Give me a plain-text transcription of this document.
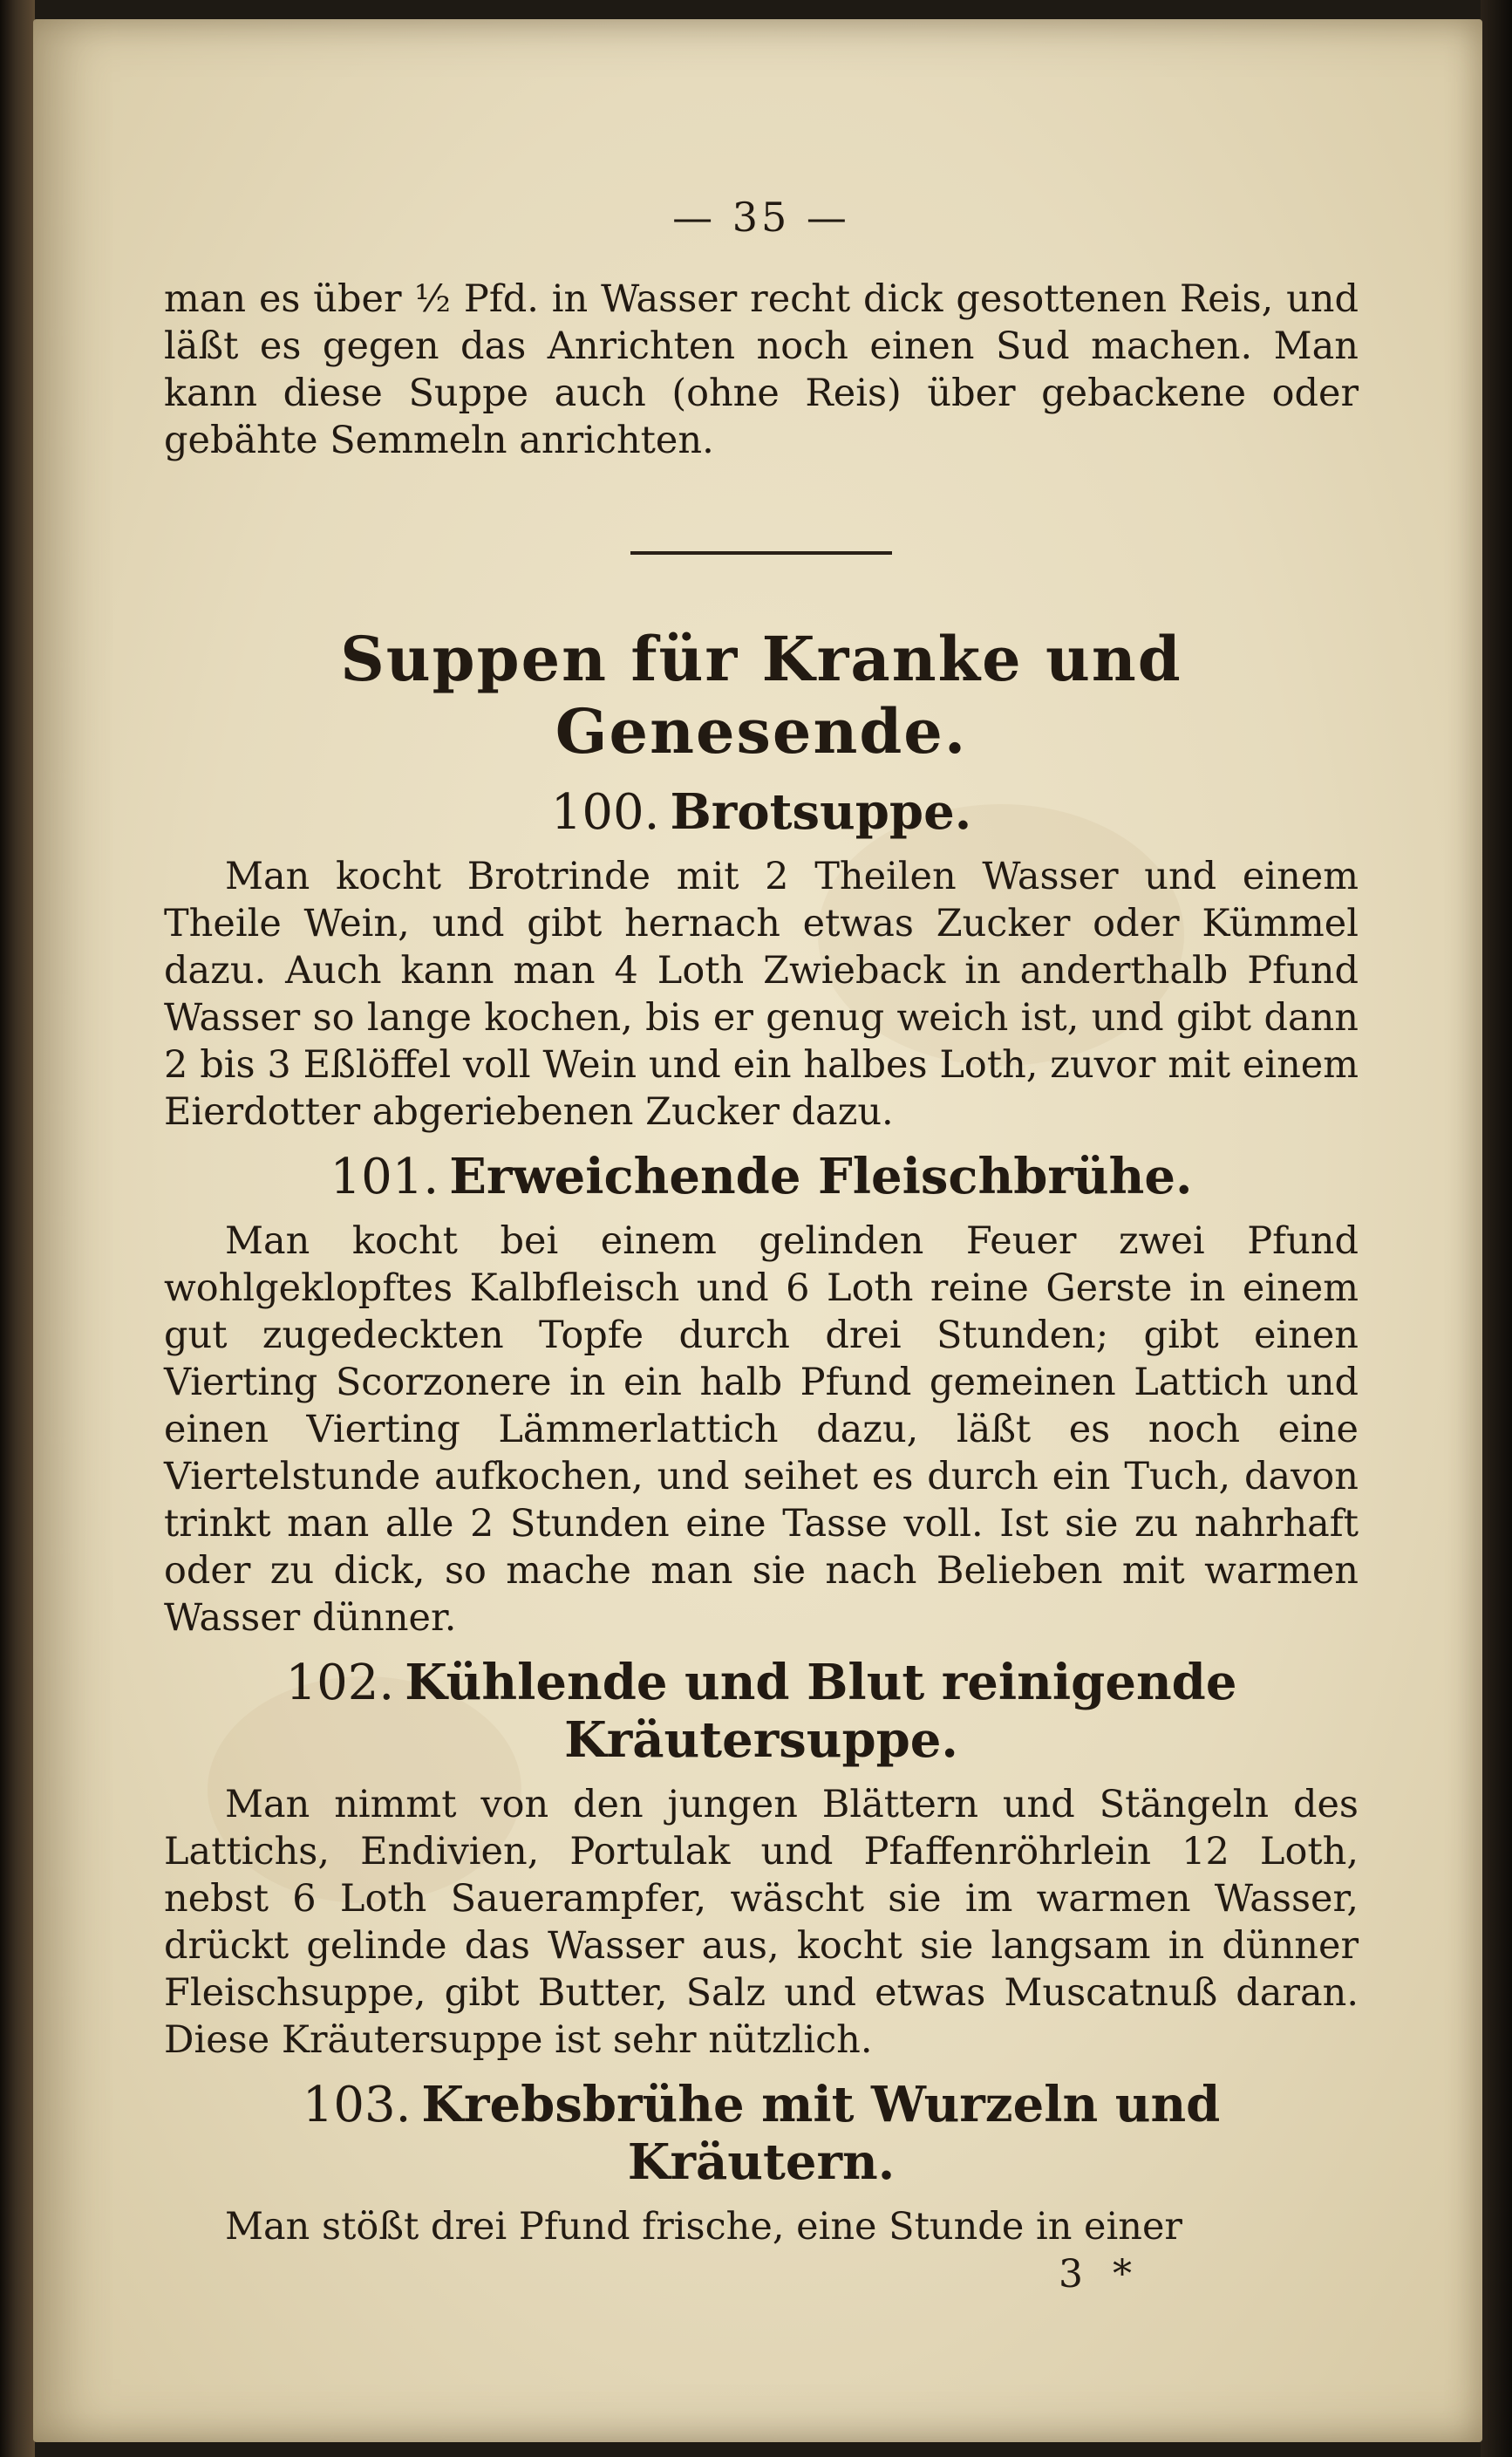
— 35 —

man es über ½ Pfd. in Wasser recht dick gesottenen Reis, und läßt es gegen das Anrichten noch einen Sud machen. Man kann diese Suppe auch (ohne Reis) über gebackene oder gebähte Semmeln anrichten.

Suppen für Kranke und Genesende.
100. Brotsuppe.

Man kocht Brotrinde mit 2 Theilen Wasser und einem Theile Wein, und gibt hernach etwas Zucker oder Kümmel dazu. Auch kann man 4 Loth Zwieback in anderthalb Pfund Wasser so lange kochen, bis er genug weich ist, und gibt dann 2 bis 3 Eßlöffel voll Wein und ein halbes Loth, zuvor mit einem Eierdotter abgeriebenen Zucker dazu.

101. Erweichende Fleischbrühe.

Man kocht bei einem gelinden Feuer zwei Pfund wohlgeklopftes Kalbfleisch und 6 Loth reine Gerste in einem gut zugedeckten Topfe durch drei Stunden; gibt einen Vierting Scorzonere in ein halb Pfund gemeinen Lattich und einen Vierting Lämmerlattich dazu, läßt es noch eine Viertelstunde aufkochen, und seihet es durch ein Tuch, davon trinkt man alle 2 Stunden eine Tasse voll. Ist sie zu nahrhaft oder zu dick, so mache man sie nach Belieben mit warmen Wasser dünner.

102. Kühlende und Blut reinigende Kräutersuppe.

Man nimmt von den jungen Blättern und Stängeln des Lattichs, Endivien, Portulak und Pfaffenröhrlein 12 Loth, nebst 6 Loth Sauerampfer, wäscht sie im warmen Wasser, drückt gelinde das Wasser aus, kocht sie langsam in dünner Fleischsuppe, gibt Butter, Salz und etwas Muscatnuß daran. Diese Kräutersuppe ist sehr nützlich.

103. Krebsbrühe mit Wurzeln und Kräutern.

Man stößt drei Pfund frische, eine Stunde in einer

3 *
